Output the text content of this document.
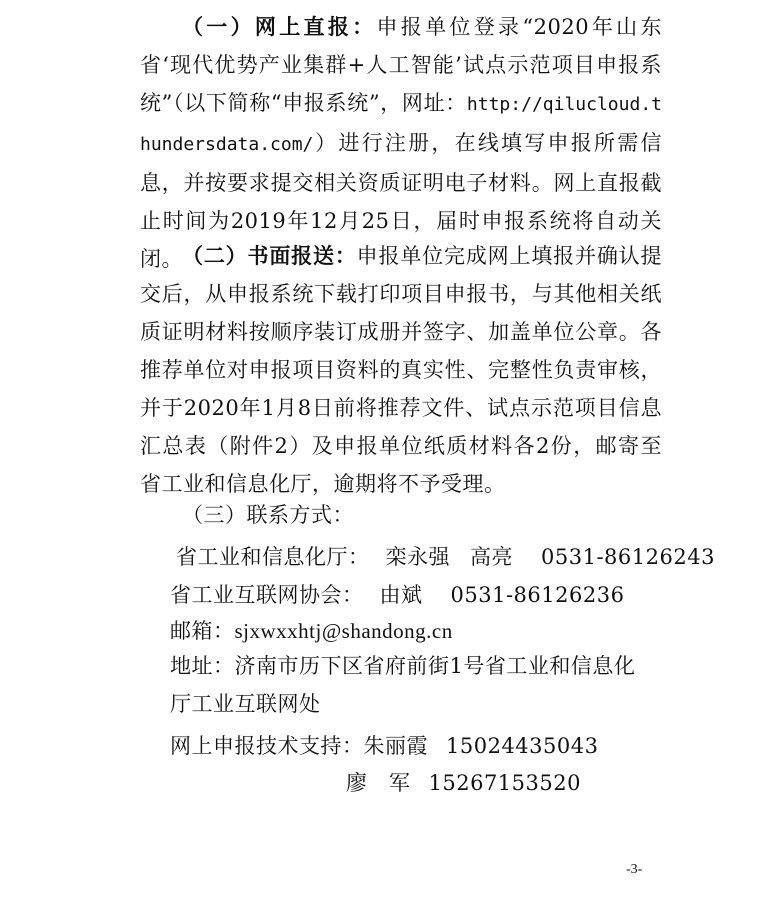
（一）网上直报：申报单位登录“2020年山东省‘现代优势产业集群+人工智能’试点示范项目申报系统”（以下简称“申报系统”，网址：http://qilucloud.thundersdata.com/）进行注册，在线填写申报所需信息，并按要求提交相关资质证明电子材料。网上直报截止时间为2019年12月25日，届时申报系统将自动关闭。 （二）书面报送：申报单位完成网上填报并确认提交后，从申报系统下载打印项目申报书，与其他相关纸质证明材料按顺序装订成册并签字、加盖单位公章。各推荐单位对申报项目资料的真实性、完整性负责审核，并于2020年1月8日前将推荐文件、试点示范项目信息汇总表（附件2）及申报单位纸质材料各2份，邮寄至省工业和信息化厅，逾期将不予受理。
（三）联系方式：
省工业和信息化厅： 栾永强 高亮 0531-86126243
省工业互联网协会： 由斌 0531-86126236
邮箱：sjxwxxhtj@shandong.cn
地址：济南市历下区省府前街1号省工业和信息化厅工业互联网处
网上申报技术支持：朱丽霞 15024435043
廖　军 15267153520
-3-
